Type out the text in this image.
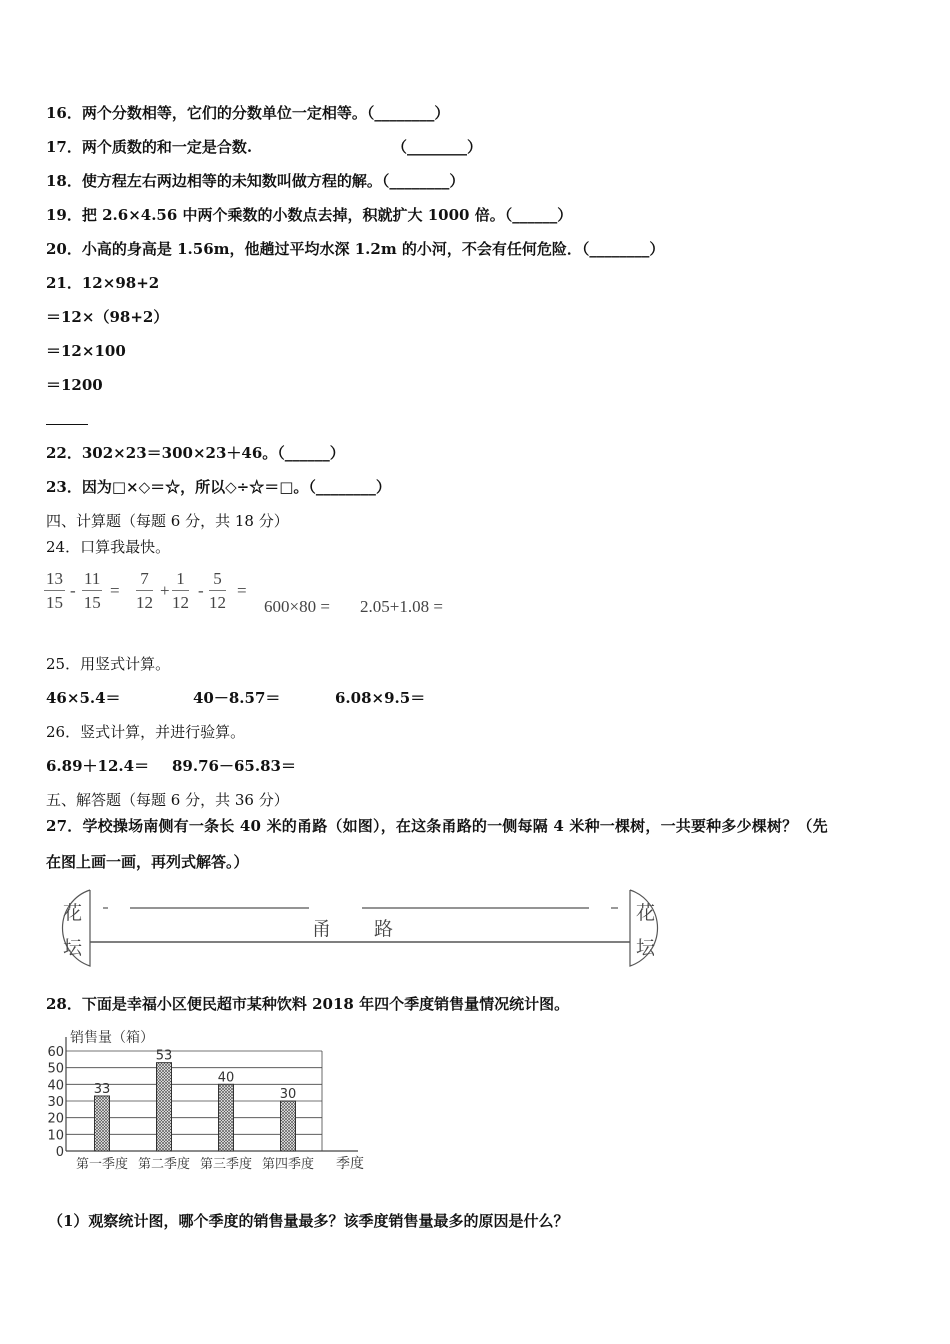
16．两个分数相等，它们的分数单位一定相等。（________）
17．两个质数的和一定是合数.	（________）
18．使方程左右两边相等的未知数叫做方程的解。（________）
19．把 2.6×4.56 中两个乘数的小数点去掉，积就扩大 1000 倍。（______）
20．小高的身高是 1.56m，他趟过平均水深 1.2m 的小河，不会有任何危险．（________）
21．12×98+2
＝12×（98+2）
＝12×100
＝1200
22．302×23＝300×23＋46。（______）
23．因为□×◇＝☆，所以◇÷☆＝□。（________）
四、计算题（每题 6 分，共 18 分）
24．口算我最快。
$\frac{13}{15} - \frac{11}{15} = \frac{7}{12} + \frac{1}{12} - \frac{5}{12}$ =
600×80 = 2.05+1.08 =
25．用竖式计算。
46×5.4＝	40－8.57＝	6.08×9.5＝
26．竖式计算，并进行验算。
6.89＋12.4＝ 89.76－65.83＝
五、解答题（每题 6 分，共 36 分）
27．学校操场南侧有一条长 40 米的甬路（如图），在这条甬路的一侧每隔 4 米种一棵树，一共要种多少棵树？（先
在图上画一画，再列式解答。）
花
坛
花
坛
甬 路
28．下面是幸福小区便民超市某种饮料 2018 年四个季度销售量情况统计图。
0
10
20
30
40
50
60
33
第一季度
53
第二季度
40
第三季度
30
第四季度
销售量（箱）
季度
（1）观察统计图，哪个季度的销售量最多？该季度销售量最多的原因是什么？
